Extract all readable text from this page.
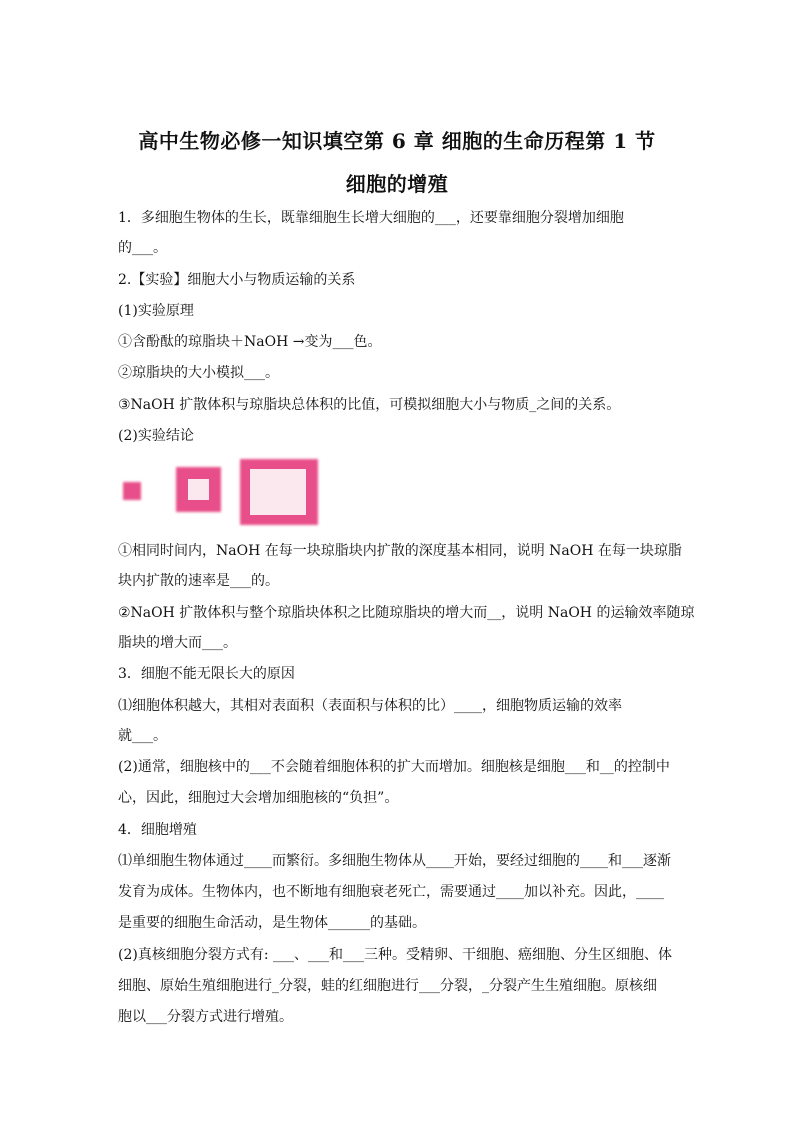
高中生物必修一知识填空第 6 章 细胞的生命历程第 1 节
细胞的增殖
1．多细胞生物体的生长，既靠细胞生长增大细胞的___，还要靠细胞分裂增加细胞
的___。
2.【实验】细胞大小与物质运输的关系
(1)实验原理
①含酚酞的琼脂块＋NaOH →变为___色。
②琼脂块的大小模拟___。
③NaOH 扩散体积与琼脂块总体积的比值，可模拟细胞大小与物质_之间的关系。
(2)实验结论
①相同时间内，NaOH 在每一块琼脂块内扩散的深度基本相同，说明 NaOH 在每一块琼脂
块内扩散的速率是___的。
②NaOH 扩散体积与整个琼脂块体积之比随琼脂块的增大而__，说明 NaOH 的运输效率随琼
脂块的增大而___。
3．细胞不能无限长大的原因
⑴细胞体积越大，其相对表面积（表面积与体积的比）____，细胞物质运输的效率
就___。
(2)通常，细胞核中的___不会随着细胞体积的扩大而增加。细胞核是细胞___和__的控制中
心，因此，细胞过大会增加细胞核的“负担”。
4．细胞增殖
⑴单细胞生物体通过____而繁衍。多细胞生物体从____开始，要经过细胞的____和___逐渐
发育为成体。生物体内，也不断地有细胞衰老死亡，需要通过____加以补充。因此，____
是重要的细胞生命活动，是生物体______的基础。
(2)真核细胞分裂方式有: ___、___和___三种。受精卵、干细胞、癌细胞、分生区细胞、体
细胞、原始生殖细胞进行_分裂，蛙的红细胞进行___分裂，_分裂产生生殖细胞。原核细
胞以___分裂方式进行增殖。
